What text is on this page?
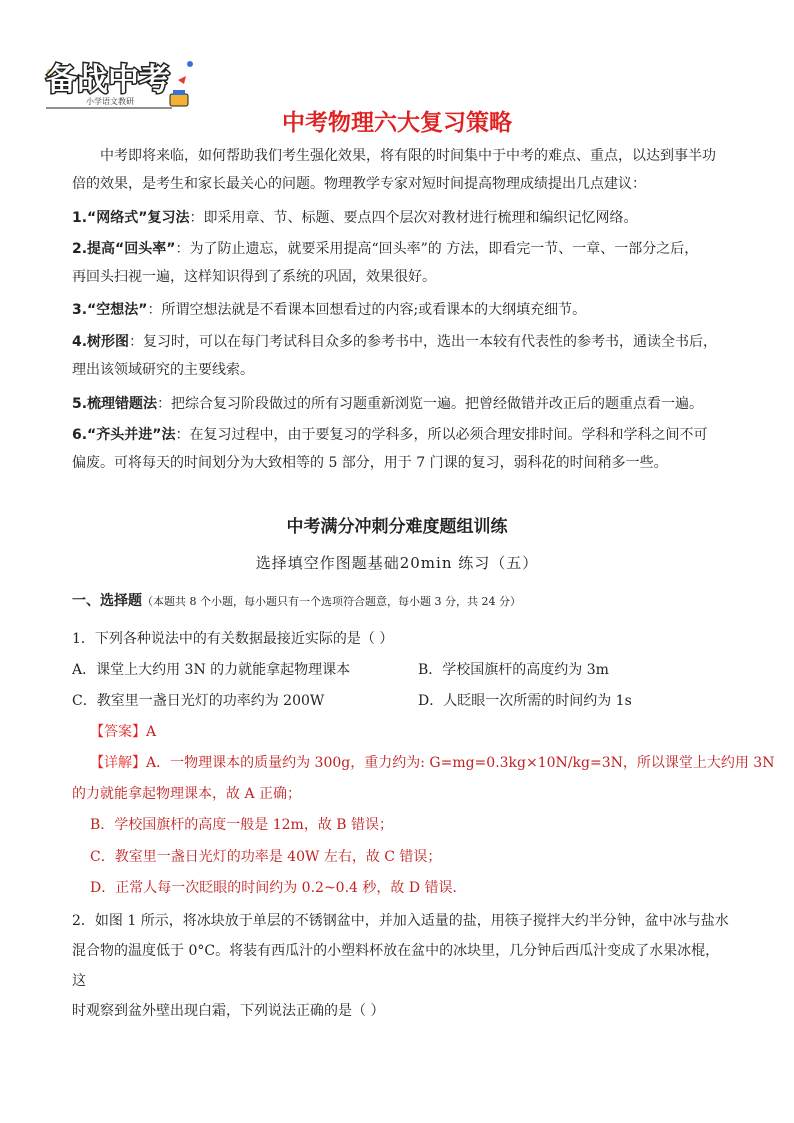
备战中考
小学语文教研
中考物理六大复习策略
中考即将来临，如何帮助我们考生强化效果，将有限的时间集中于中考的难点、重点，以达到事半功
倍的效果，是考生和家长最关心的问题。物理教学专家对短时间提高物理成绩提出几点建议：
1.“网络式”复习法：即采用章、节、标题、要点四个层次对教材进行梳理和编织记忆网络。
2.提高“回头率”：为了防止遗忘，就要采用提高“回头率”的 方法，即看完一节、一章、一部分之后，
再回头扫视一遍，这样知识得到了系统的巩固，效果很好。
3.“空想法”：所谓空想法就是不看课本回想看过的内容;或看课本的大纲填充细节。
4.树形图：复习时，可以在每门考试科目众多的参考书中，选出一本较有代表性的参考书，通读全书后，
理出该领域研究的主要线索。
5.梳理错题法：把综合复习阶段做过的所有习题重新浏览一遍。把曾经做错并改正后的题重点看一遍。
6.“齐头并进”法：在复习过程中，由于要复习的学科多，所以必须合理安排时间。学科和学科之间不可
偏废。可将每天的时间划分为大致相等的 5 部分，用于 7 门课的复习，弱科花的时间稍多一些。
中考满分冲刺分难度题组训练
选择填空作图题基础20min 练习（五）
一、选择题（本题共 8 个小题，每小题只有一个选项符合题意，每小题 3 分，共 24 分）
1．下列各种说法中的有关数据最接近实际的是（ ）
A．课堂上大约用 3N 的力就能拿起物理课本	B．学校国旗杆的高度约为 3m
C．教室里一盏日光灯的功率约为 200W	D．人眨眼一次所需的时间约为 1s
【答案】A
【详解】A．一物理课本的质量约为 300g，重力约为: G=mg=0.3kg×10N/kg=3N，所以课堂上大约用 3N
的力就能拿起物理课本，故 A 正确；
B．学校国旗杆的高度一般是 12m，故 B 错误；
C．教室里一盏日光灯的功率是 40W 左右，故 C 错误；
D．正常人每一次眨眼的时间约为 0.2~0.4 秒，故 D 错误．
2．如图 1 所示，将冰块放于单层的不锈钢盆中，并加入适量的盐，用筷子搅拌大约半分钟，盆中冰与盐水
混合物的温度低于 0°C。将装有西瓜汁的小塑料杯放在盆中的冰块里，几分钟后西瓜汁变成了水果冰棍，这
时观察到盆外壁出现白霜，下列说法正确的是（ ）
